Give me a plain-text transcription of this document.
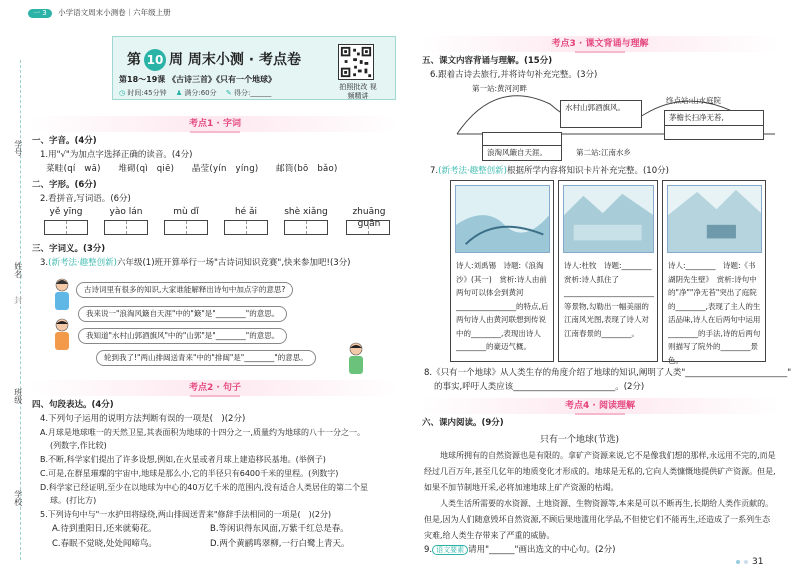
一 3 小学语文周末小测卷｜六年级上册
学号
姓名
封
班级
学校
第 10 周 周末小测 · 考点卷
第18～19课 《古诗三首》《只有一个地球》
◷ 时间:45分钟　 ♟ 满分:60分　 ✎ 得分:______
拍照批改 视频精讲
考点1 · 字词
一、字音。(4分)
1.用"√"为加点字选择正确的读音。(4分)
菜畦(qí　wā)　　堆砌(qì　qiē)　　晶莹(yín　yíng)　　邮筒(bō　bǎo)
二、字形。(6分)
2.看拼音,写词语。(6分)
yě yīng	yào lán	mù dǐ	hé ǎi	shè xiǎng	zhuāng guān
三、字词义。(3分)
3.(新考法·趣整创新)六年级(1)班开算举行一场"古诗词知识竞赛",快来参加吧!(3分)
古诗词里有很多的知识,大家谁能解释出诗句中加点字的意思?
我来说一"浪淘风簸自天涯"中的"簸"是"________"的意思。
我知道"水村山郭酒旗风"中的"山郭"是"________"的意思。
轮到我了!"两山排闼送青来"中的"排闼"是"________"的意思。
考点2 · 句子
四、句段表达。(4分)
4.下列句子运用的说明方法判断有误的一项是(　)(2分)
A.月球是地球唯一的天然卫星,其表面积为地球的十四分之一,质量约为地球的八十一分之一。
(列数字,作比较)
B.不断,科学家们提出了许多设想,例如,在火星或者月球上建造移民基地。(举例子)
C.可是,在群星璀璨的宇宙中,地球是那么小,它的半径只有6400千米的里程。(列数字)
D.科学家已经证明,至少在以地球为中心的40万亿千米的范围内,没有适合人类居住的第二个星
球。(打比方)
5.下列诗句中与"一水护田将绿绕,两山排闼送青来"修辞手法相同的一项是(　)(2分)
A.待到重阳日,还来就菊花。	B.等闲识得东风面,万紫千红总是春。
C.春眠不觉晓,处处闻啼鸟。	D.两个黄鹂鸣翠柳,一行白鹭上青天。
考点3 · 课文背诵与理解
五、课文内容背诵与理解。(15分)
6.跟着古诗去旅行,并将诗句补充完整。(3分)
第一站:黄河河畔
水村山郭酒旗风。
终点站:山水庭院
茅檐长扫净无苔,
浪淘风簸自天涯。	第二站:江南水乡
7.(新考法·趣整创新)根据所学内容将知识卡片补充完整。(10分)
诗人:刘禹锡　诗题:《浪淘沙》(其一)　赏析:诗人由前两句可以体会到黄河________________的特点,后两句诗人由黄河联想到传说中的________,表现出诗人________的豪迈气概。
诗人:杜牧　诗题:________　赏析:诗人抓住了________________________等景物,勾勒出一幅美丽的江南风光图,表现了诗人对江南春景的________。
诗人:________　诗题:《书湖阴先生壁》　赏析:诗句中的"净""净无苔"突出了庭院的________,表现了主人的生活品味,诗人在后两句中运用________的手法,诗的后两句则描写了院外的________景色。
8.《只有一个地球》从人类生存的角度介绍了地球的知识,阐明了人类"________________________"
的事实,呼吁人类应该________________________。(2分)
考点4 · 阅读理解
六、课内阅读。(9分)
只有一个地球(节选)
地球所拥有的自然资源也是有限的。拿矿产资源来说,它不是像我们想的那样,永远用不完的,而是经过几百万年,甚至几亿年的地质变化才形成的。地球是无私的,它向人类慷慨地提供矿产资源。但是,如果不加节制地开采,必将加速地球上矿产资源的枯竭。
人类生活所需要的水资源、土地资源、生物资源等,本来是可以不断再生,长期给人类作贡献的。但是,因为人们随意毁坏自然资源,不顾后果地滥用化学品,不但使它们不能再生,还造成了一系列生态灾难,给人类生存带来了严重的威胁。
9. 语文要素 请用"______"画出选文的中心句。(2分)
31
